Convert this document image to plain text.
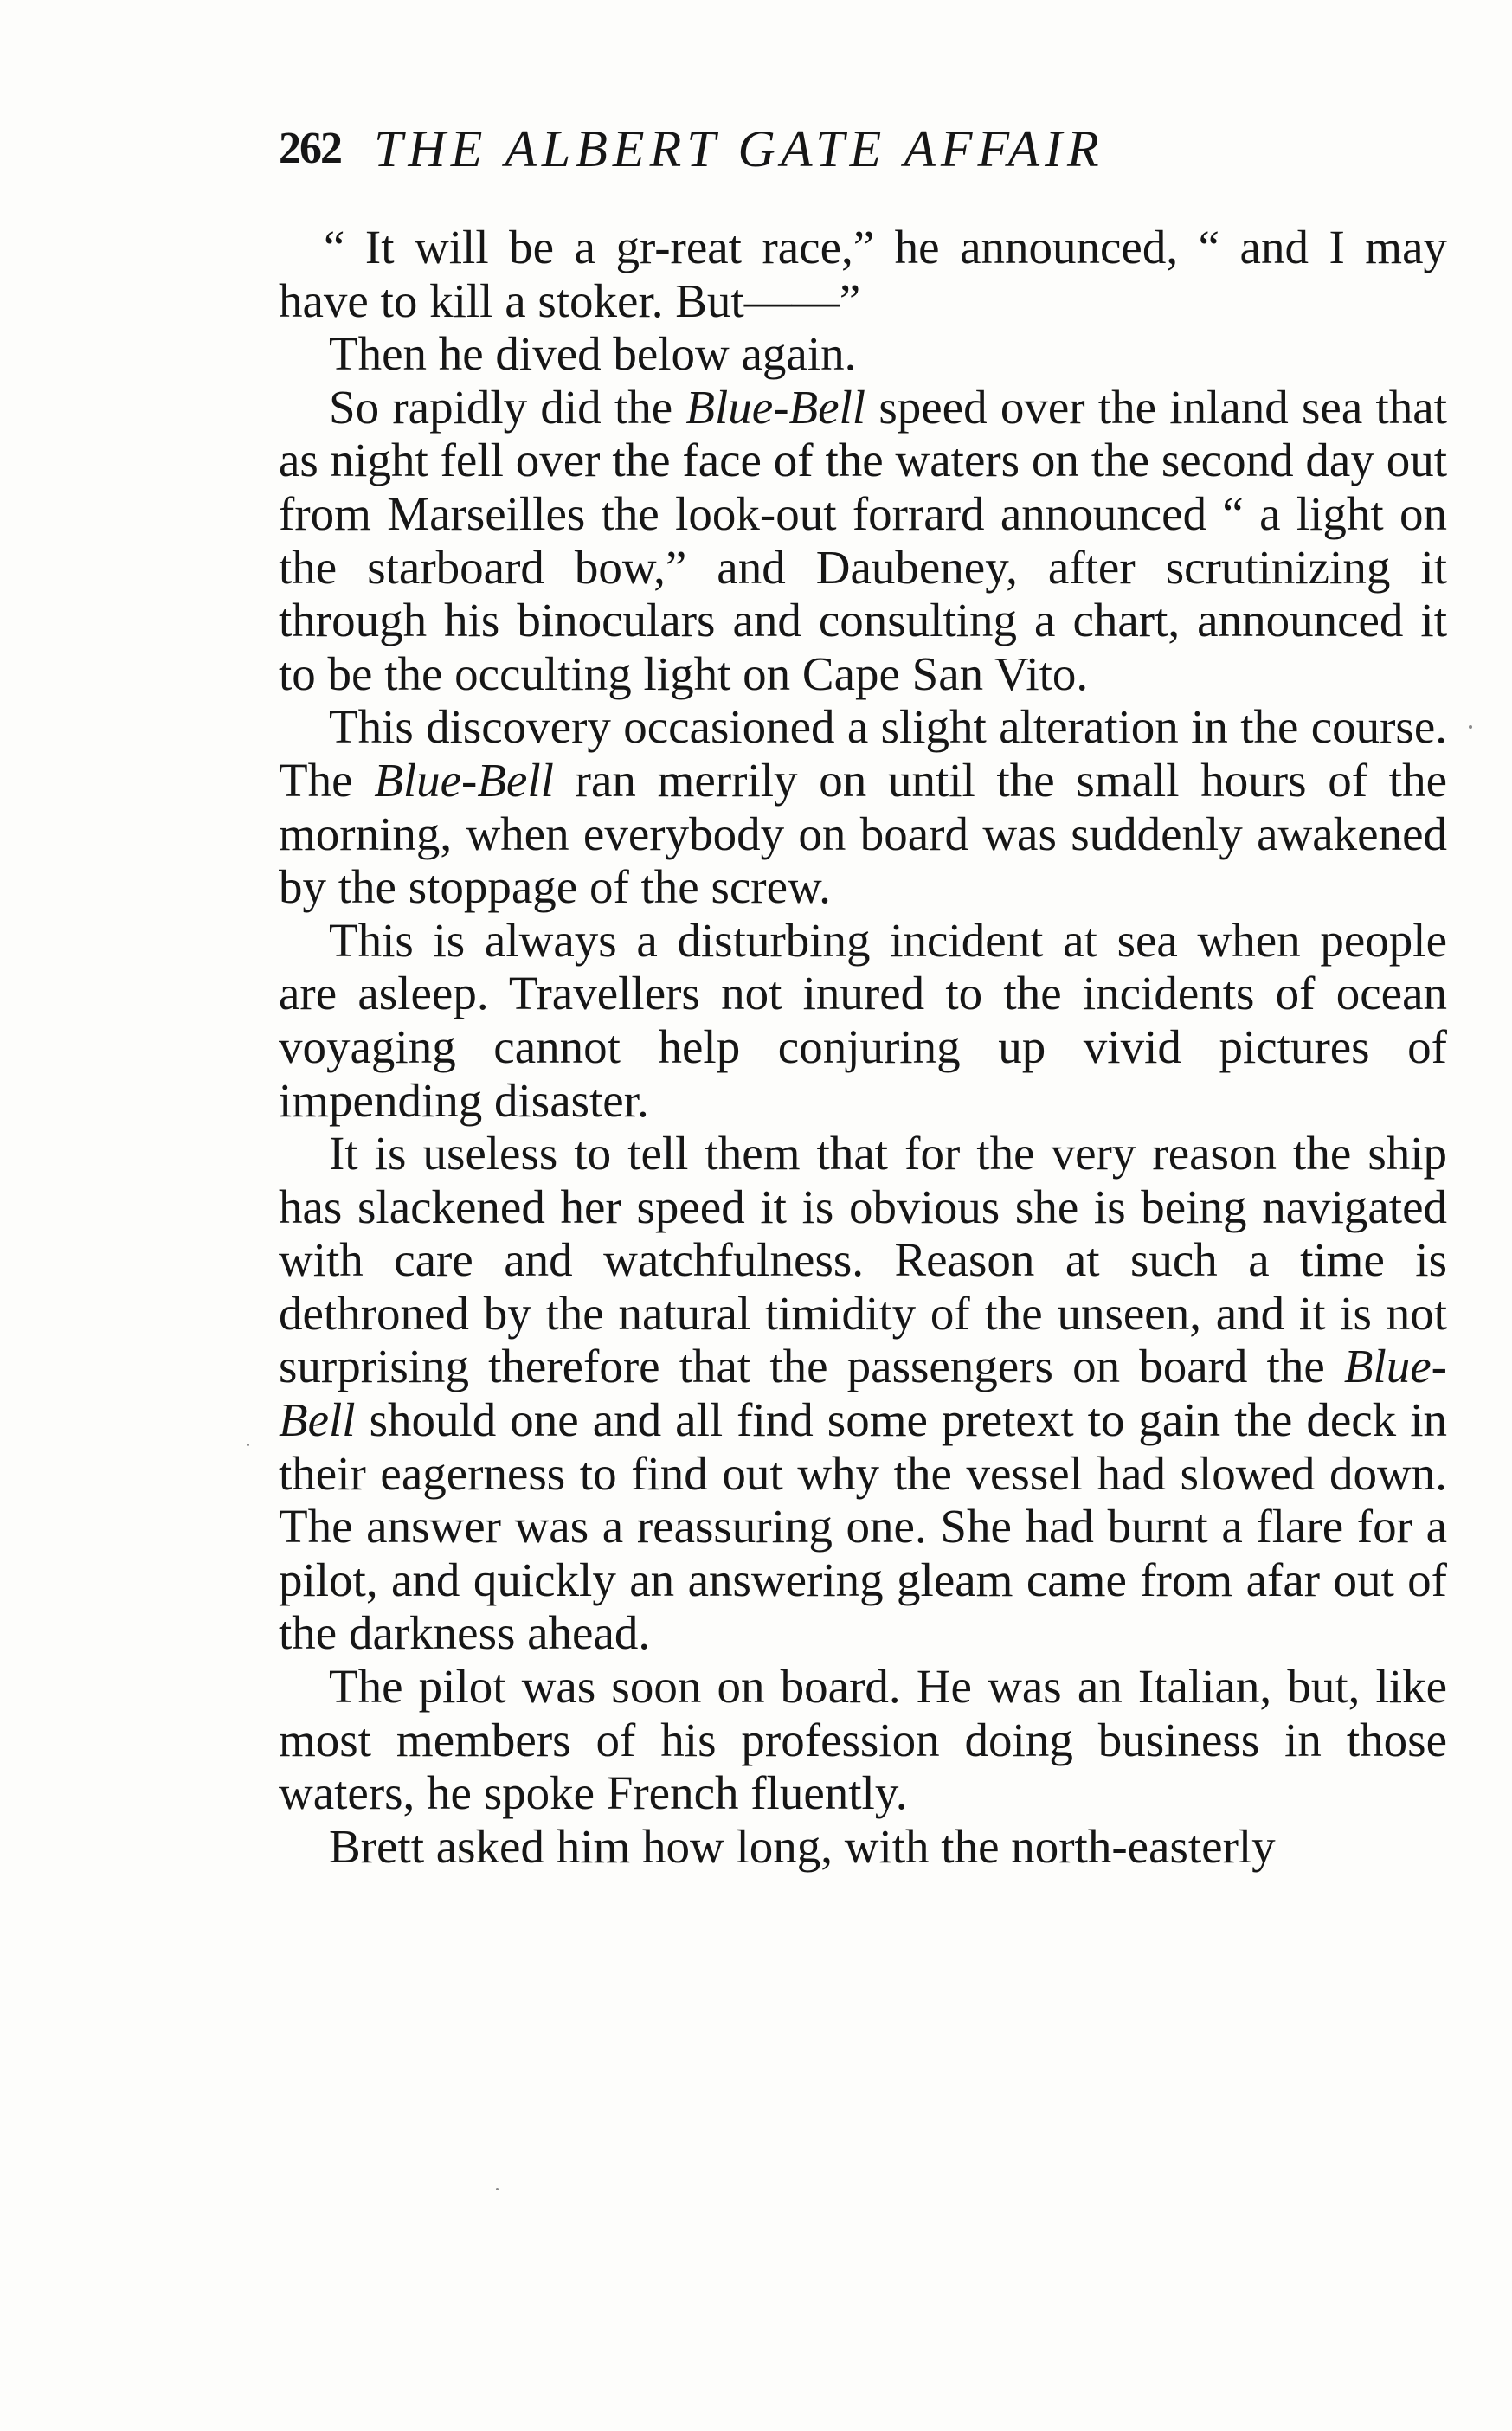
262 THE ALBERT GATE AFFAIR

“ It will be a gr-reat race,” he announced, “ and I may have to kill a stoker. But——”

Then he dived below again.

So rapidly did the Blue-Bell speed over the inland sea that as night fell over the face of the waters on the second day out from Marseilles the look-out forrard announced “ a light on the starboard bow,” and Daubeney, after scrutinizing it through his binoculars and consulting a chart, announced it to be the occulting light on Cape San Vito.

This discovery occasioned a slight alteration in the course. The Blue-Bell ran merrily on until the small hours of the morning, when everybody on board was suddenly awakened by the stoppage of the screw.

This is always a disturbing incident at sea when people are asleep. Travellers not inured to the incidents of ocean voyaging cannot help conjuring up vivid pictures of impending disaster.

It is useless to tell them that for the very reason the ship has slackened her speed it is obvious she is being navigated with care and watchfulness. Reason at such a time is dethroned by the natural timidity of the unseen, and it is not surprising therefore that the passengers on board the Blue-Bell should one and all find some pretext to gain the deck in their eagerness to find out why the vessel had slowed down. The answer was a reassuring one. She had burnt a flare for a pilot, and quickly an answering gleam came from afar out of the darkness ahead.

The pilot was soon on board. He was an Italian, but, like most members of his profession doing business in those waters, he spoke French fluently.

Brett asked him how long, with the north-easterly
